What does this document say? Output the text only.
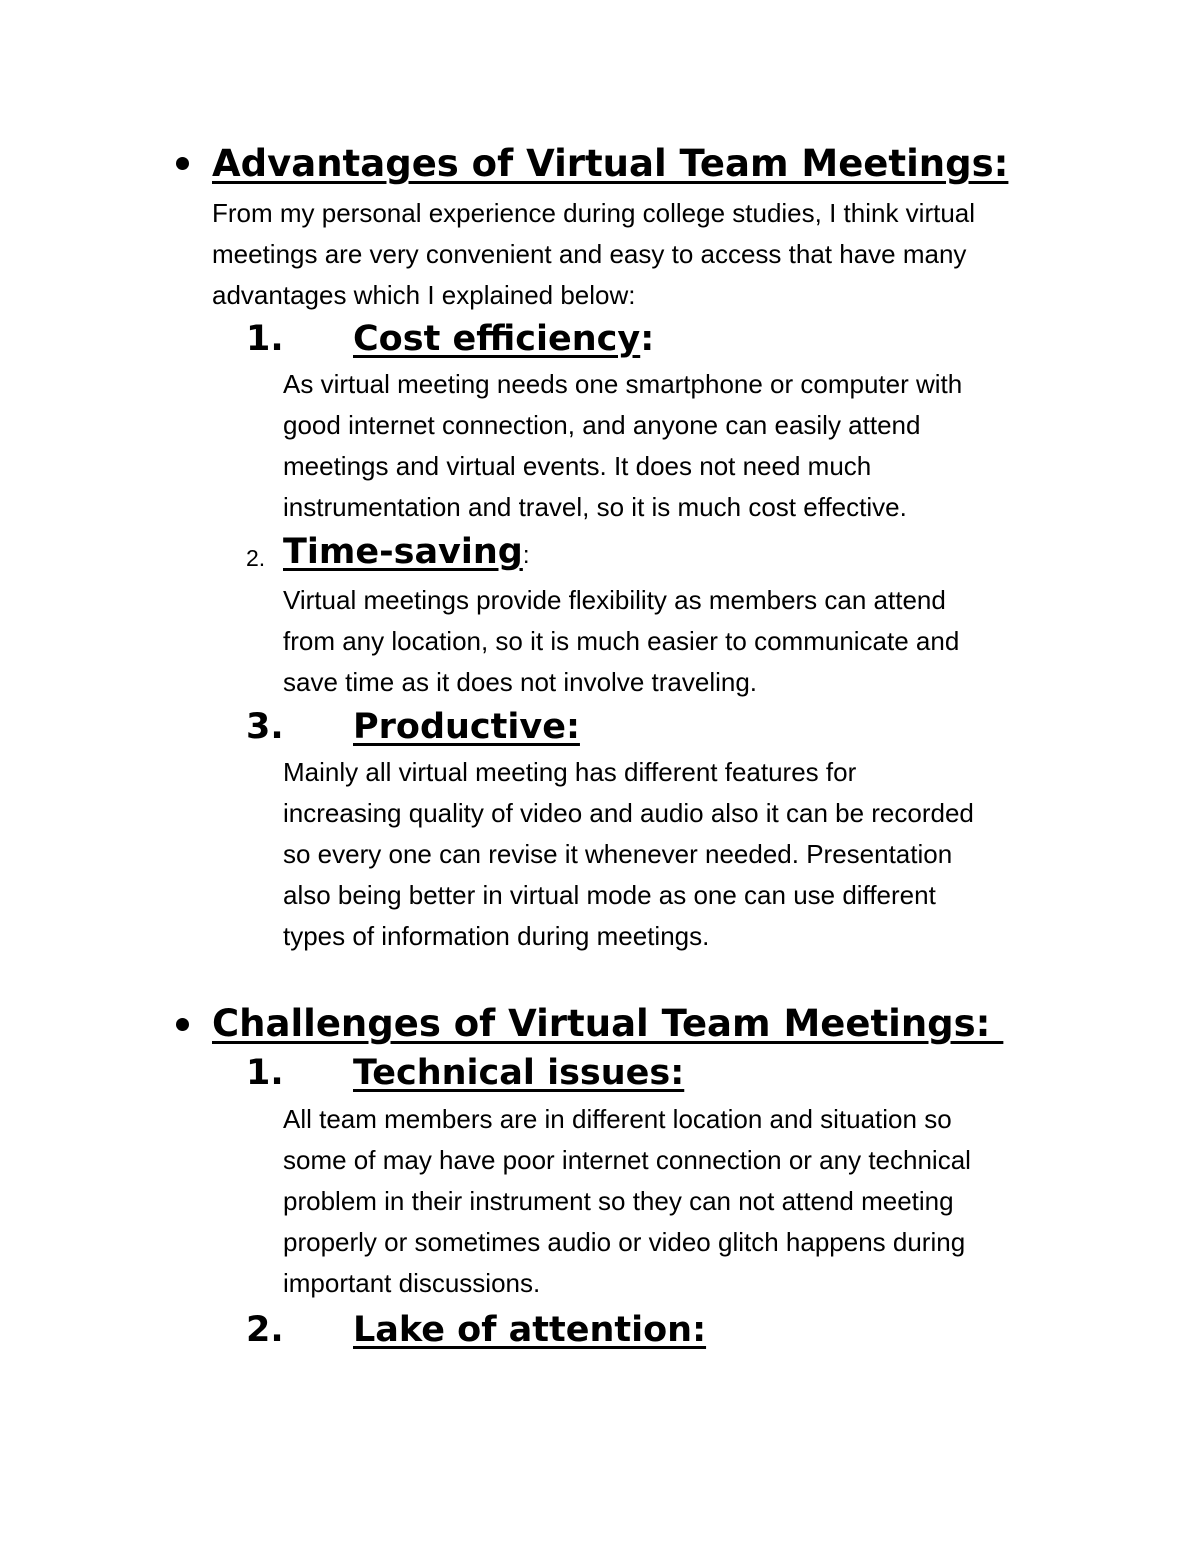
Advantages of Virtual Team Meetings:
From my personal experience during college studies, I think virtual
meetings are very convenient and easy to access that have many
advantages which I explained below:
1. Cost efficiency:
As virtual meeting needs one smartphone or computer with
good internet connection, and anyone can easily attend
meetings and virtual events. It does not need much
instrumentation and travel, so it is much cost effective.
2. Time-saving:
Virtual meetings provide flexibility as members can attend
from any location, so it is much easier to communicate and
save time as it does not involve traveling.
3. Productive:
Mainly all virtual meeting has different features for
increasing quality of video and audio also it can be recorded
so every one can revise it whenever needed. Presentation
also being better in virtual mode as one can use different
types of information during meetings.
Challenges of Virtual Team Meetings:
1. Technical issues:
All team members are in different location and situation so
some of may have poor internet connection or any technical
problem in their instrument so they can not attend meeting
properly or sometimes audio or video glitch happens during
important discussions.
2. Lake of attention:
